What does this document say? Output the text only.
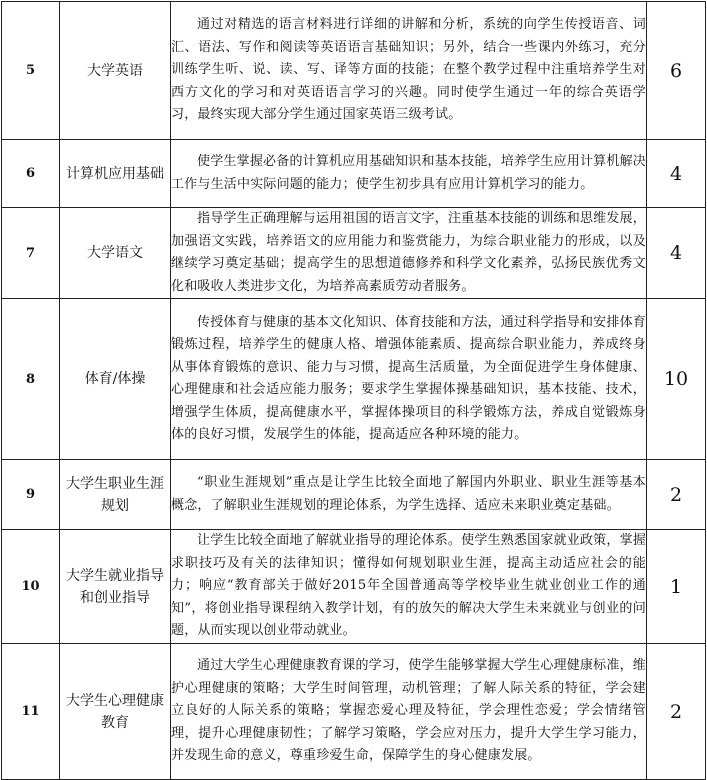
5	大学英语	通过对精选的语言材料进行详细的讲解和分析，系统的向学生传授语音、词汇、语法、写作和阅读等英语语言基础知识；另外，结合一些课内外练习，充分训练学生听、说、读、写、译等方面的技能；在整个教学过程中注重培养学生对西方文化的学习和对英语语言学习的兴趣。同时使学生通过一年的综合英语学习，最终实现大部分学生通过国家英语三级考试。	6
6	计算机应用基础	使学生掌握必备的计算机应用基础知识和基本技能，培养学生应用计算机解决工作与生活中实际问题的能力；使学生初步具有应用计算机学习的能力。	4
7	大学语文	指导学生正确理解与运用祖国的语言文字，注重基本技能的训练和思维发展，加强语文实践，培养语文的应用能力和鉴赏能力，为综合职业能力的形成，以及继续学习奠定基础；提高学生的思想道德修养和科学文化素养，弘扬民族优秀文化和吸收人类进步文化，为培养高素质劳动者服务。	4
8	体育/体操	传授体育与健康的基本文化知识、体育技能和方法，通过科学指导和安排体育锻炼过程，培养学生的健康人格、增强体能素质、提高综合职业能力，养成终身从事体育锻炼的意识、能力与习惯，提高生活质量，为全面促进学生身体健康、心理健康和社会适应能力服务；要求学生掌握体操基础知识，基本技能、技术，增强学生体质，提高健康水平，掌握体操项目的科学锻炼方法，养成自觉锻炼身体的良好习惯，发展学生的体能，提高适应各种环境的能力。	10
9	大学生职业生涯规划	“职业生涯规划”重点是让学生比较全面地了解国内外职业、职业生涯等基本概念，了解职业生涯规划的理论体系，为学生选择、适应未来职业奠定基础。	2
10	大学生就业指导和创业指导	让学生比较全面地了解就业指导的理论体系。使学生熟悉国家就业政策，掌握求职技巧及有关的法律知识；懂得如何规划职业生涯，提高主动适应社会的能力；响应“教育部关于做好2015年全国普通高等学校毕业生就业创业工作的通知”，将创业指导课程纳入教学计划，有的放矢的解决大学生未来就业与创业的问题，从而实现以创业带动就业。	1
11	大学生心理健康教育	通过大学生心理健康教育课的学习，使学生能够掌握大学生心理健康标准，维护心理健康的策略；大学生时间管理，动机管理；了解人际关系的特征，学会建立良好的人际关系的策略；掌握恋爱心理及特征，学会理性恋爱；学会情绪管理，提升心理健康韧性；了解学习策略，学会应对压力，提升大学生学习能力，并发现生命的意义，尊重珍爱生命，保障学生的身心健康发展。	2
